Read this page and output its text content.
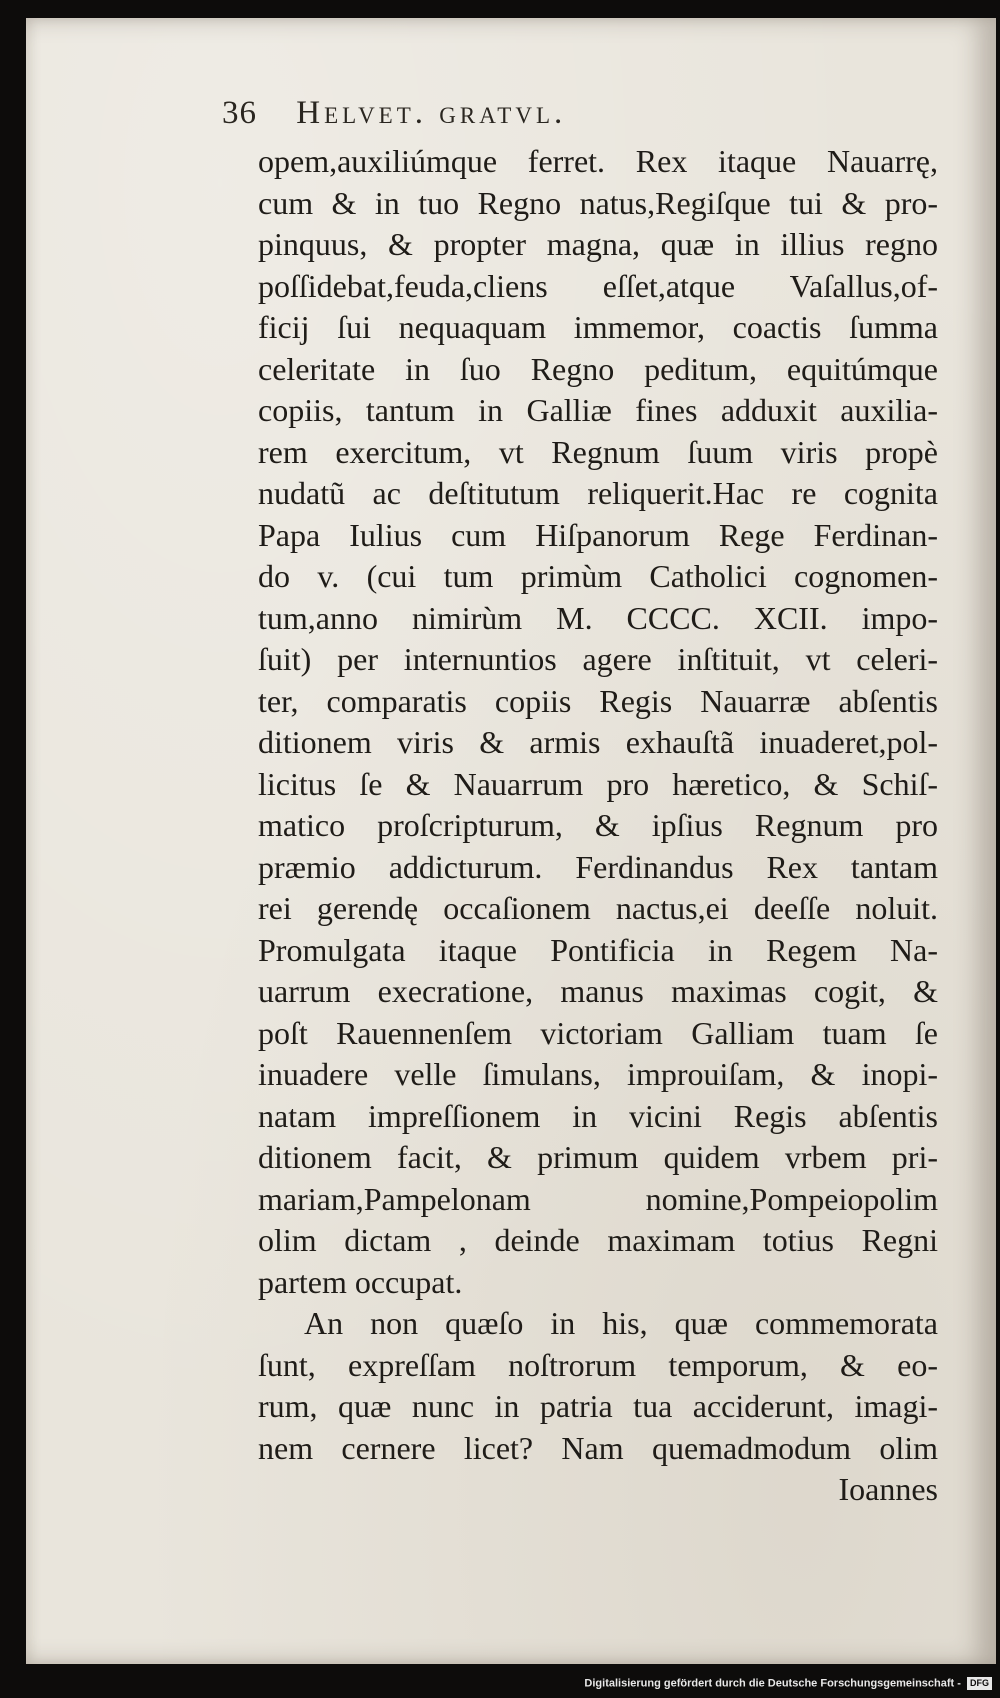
36 Helvet. gratvl.
opem,auxiliúmque ferret. Rex itaque Nauarrę,
cum & in tuo Regno natus,Regiſque tui & pro-
pinquus, & propter magna, quæ in illius regno
poſſidebat,feuda,cliens eſſet,atque Vaſallus,of-
ficij ſui nequaquam immemor, coactis ſumma
celeritate in ſuo Regno peditum, equitúmque
copiis, tantum in Galliæ fines adduxit auxilia-
rem exercitum, vt Regnum ſuum viris propè
nudatũ ac deſtitutum reliquerit.Hac re cognita
Papa Iulius cum Hiſpanorum Rege Ferdinan-
do v. (cui tum primùm Catholici cognomen-
tum,anno nimirùm M. CCCC. XCII. impo-
ſuit) per internuntios agere inſtituit, vt celeri-
ter, comparatis copiis Regis Nauarræ abſentis
ditionem viris & armis exhauſtã inuaderet,pol-
licitus ſe & Nauarrum pro hæretico, & Schiſ-
matico proſcripturum, & ipſius Regnum pro
præmio addicturum. Ferdinandus Rex tantam
rei gerendę occaſionem nactus,ei deeſſe noluit.
Promulgata itaque Pontificia in Regem Na-
uarrum execratione, manus maximas cogit, &
poſt Rauennenſem victoriam Galliam tuam ſe
inuadere velle ſimulans, improuiſam, & inopi-
natam impreſſionem in vicini Regis abſentis
ditionem facit, & primum quidem vrbem pri-
mariam,Pampelonam nomine,Pompeiopolim
olim dictam , deinde maximam totius Regni
partem occupat.
An non quæſo in his, quæ commemorata
ſunt, expreſſam noſtrorum temporum, & eo-
rum, quæ nunc in patria tua acciderunt, imagi-
nem cernere licet? Nam quemadmodum olim
Ioannes
Digitalisierung gefördert durch die Deutsche Forschungsgemeinschaft - DFG
